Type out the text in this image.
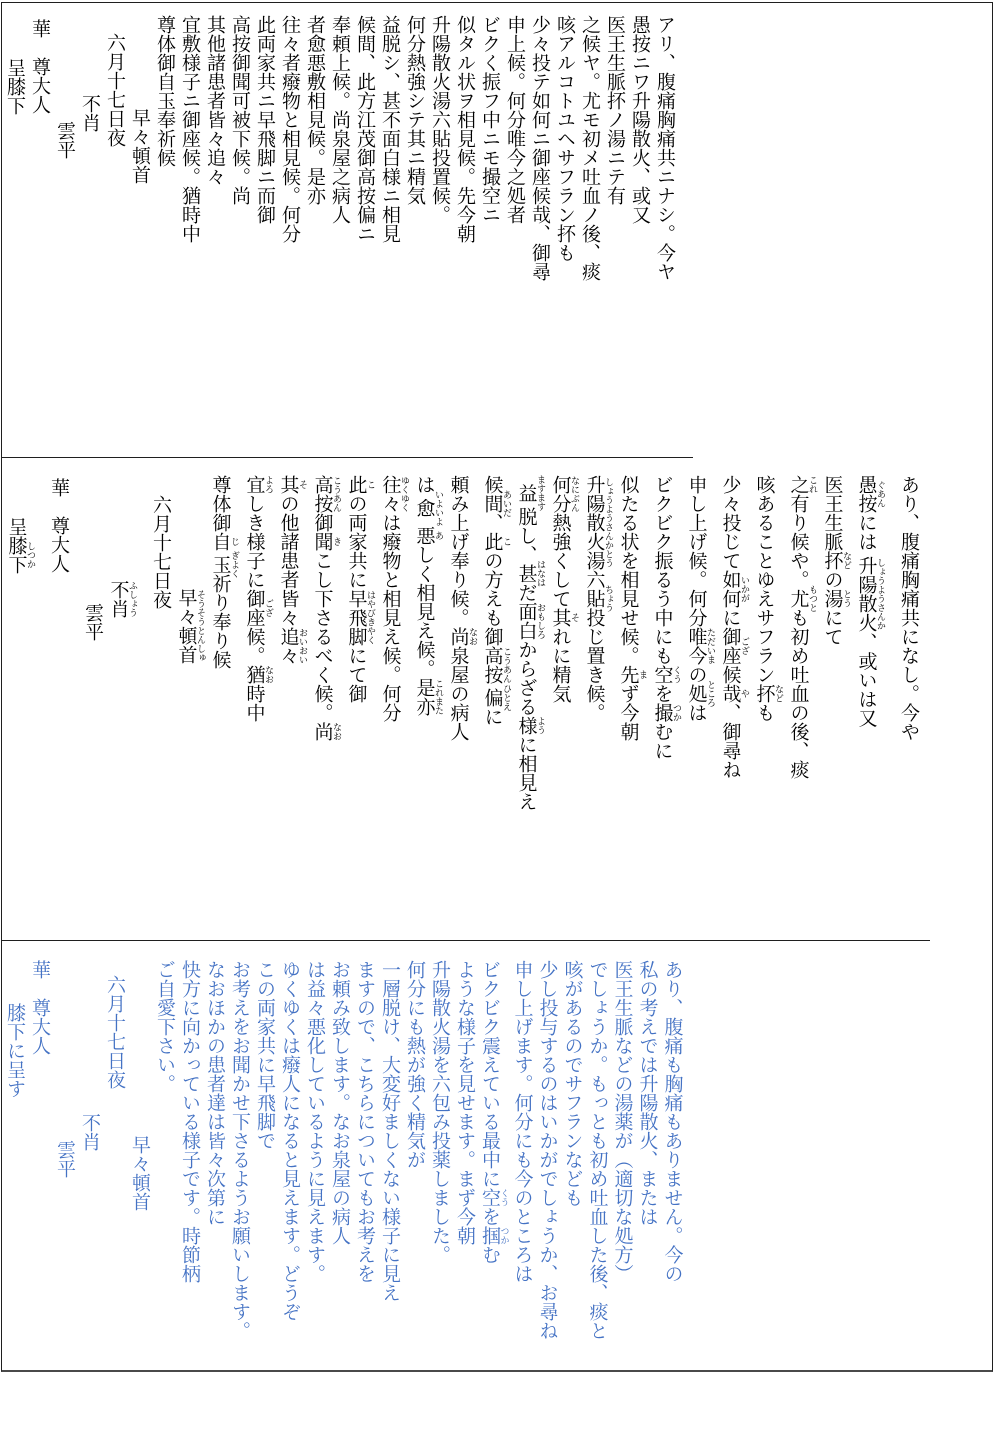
アリ、腹痛胸痛共ニナシ。今ヤ
愚按ニワ升陽散火、或又
医王生脈抔ノ湯ニテ有
之候ヤ。尤モ初メ吐血ノ後、痰
咳アルコトユヘサフラン抔も
少々投テ如何ニ御座候哉、御尋
申上候。何分唯今之処者
ビクく振フ中ニモ撮空ニ
似タル状ヲ相見候。先今朝
升陽散火湯六貼投置候。
何分熱強シテ其ニ精気
益脱シ、甚不面白様ニ相見
候間、此方江茂御高按偏ニ
奉頼上候。尚泉屋之病人
者愈悪敷相見候。是亦
往々者癈物と相見候。何分
此両家共ニ早飛脚ニ而御
高按御聞可被下候。尚
其他諸患者皆々追々
宜敷様子ニ御座候。猶時中
尊体御自玉奉祈候
早々頓首
六月十七日夜
不肖
雲平
華　尊大人
呈膝下
あり、腹痛胸痛共になし。今や
愚按 ぐあんには 升陽散火 しょうようさんか、或いは又
医王生脈抔 などの湯 とうにて
之 これ有り候や。尤 もつとも初め吐血の後、痰
咳あることゆえサフラン抔 なども
少々投じて如何 いかがに御座 ござ候哉 や、御尋ね
申し上げ候。何分唯今 ただいまの処 ところは
ビクビク振るう中にも空 くうを撮 つかむに
似たる状を相見せ候。先 まず今朝
升陽散火湯 しょうようさんかとう六貼 ちょう投じ置き候。
何分 なにぶん熱強くして其 それに精気
益 ますます脱し、甚 はなはだ面白 おもしろからざる様 ように相見え
候間 あいだ、此 この方えも御高按 こうあん偏 ひとえに
頼み上げ奉り候。尚 なお泉屋の病人
は愈 いよいよ悪 あしく相見え候。是亦 これまた
往々 ゆくゆくは癈物と相見え候。何分
此 この両家共に早飛脚 はやびきやくにて御
高按 こうあん御聞 きこし下さるべく候。尚 なお
其 その他諸患者皆々追々 おいおい
宜 よろしき様子に御座 ござ候。猶 なお時中
尊体御自 じ玉 ぎよく祈り奉り候
早々頓首 そうそうとんしゅ
六月十七日夜
不肖 ふしょう
雲平
華　尊大人
呈膝下 しつか
あり、腹痛も胸痛もありません。今の
私の考えでは升陽散火、または
医王生脈などの湯薬が（適切な処方）
でしょうか。もっとも初め吐血した後、痰と
咳があるのでサフランなども
少し投与するのはいかがでしょうか、お尋ね
申し上げます。何分にも今のところは
ビクビク震えている最中に空 くうを掴 つかむ
ような様子を見せます。まず今朝
升陽散火湯を六包み投薬しました。
何分にも熱が強く精気が
一層脱け、大変好ましくない様子に見え
ますので、こちらについてもお考えを
お頼み致します。なお泉屋の病人
は益々悪化しているように見えます。
ゆくゆくは癈人になると見えます。どうぞ
この両家共に早飛脚で
お考えをお聞かせ下さるようお願いします。
なおほかの患者達は皆々次第に
快方に向かっている様子です。時節柄
ご自愛下さい。
早々頓首
六月十七日夜
不肖
雲平
華　尊大人
膝下に呈す
